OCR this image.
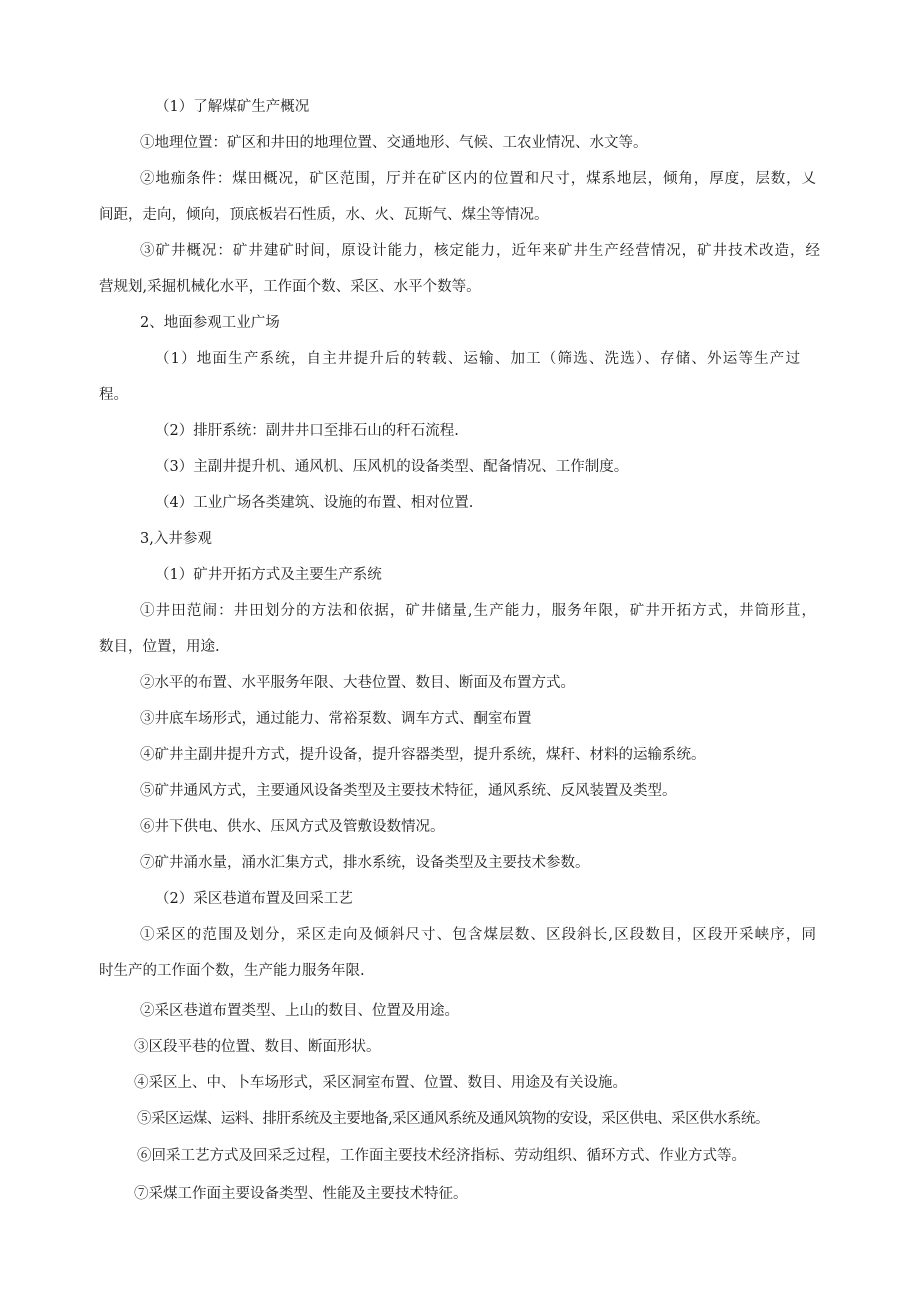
（1）了解煤矿生产概况
①地理位置：矿区和井田的地理位置、交通地形、气候、工农业情况、水文等。
②地痂条件：煤田概况，矿区范围，厅并在矿区内的位置和尺寸，煤系地层，倾角，厚度，层数，乂
间距，走向，倾向，顶底板岩石性质，水、火、瓦斯气、煤尘等情况。
③矿井概况：矿井建矿时间，原设计能力，核定能力，近年来矿井生产经营情况，矿井技术改造，经
营规划,采掘机械化水平，工作面个数、采区、水平个数等。
2、地面参观工业广场
（1）地面生产系统，自主井提升后的转载、运输、加工（筛选、洗选）、存储、外运等生产过
程。
（2）排肝系统：副井井口至排石山的秆石流程.
（3）主副井提升机、通风机、压风机的设备类型、配备情况、工作制度。
（4）工业广场各类建筑、设施的布置、相对位置.
3,入井参观
（1）矿井开拓方式及主要生产系统
①井田范闹：井田划分的方法和依据，矿井储量,生产能力，服务年限，矿井开拓方式，井筒形苴，
数目，位置，用途.
②水平的布置、水平服务年限、大巷位置、数目、断面及布置方式。
③井底车场形式，通过能力、常裕泵数、调车方式、酮室布置
④矿井主副井提升方式，提升设备，提升容器类型，提升系统，煤秆、材料的运输系统。
⑤矿井通风方式，主要通风设备类型及主要技术特征，通风系统、反风装置及类型。
⑥井下供电、供水、压风方式及管敷设数情况。
⑦矿井涌水量，涌水汇集方式，排水系统，设备类型及主要技术参数。
（2）采区巷道布置及回采工艺
①采区的范围及划分，采区走向及倾斜尺寸、包含煤层数、区段斜长,区段数目，区段开采峡序，同
时生产的工作面个数，生产能力服务年限.
②采区巷道布置类型、上山的数目、位置及用途。
③区段平巷的位置、数目、断面形状。
④采区上、中、卜车场形式，采区洞室布置、位置、数目、用途及有关设施。
⑤采区运煤、运料、排肝系统及主要地备,采区通风系统及通风筑物的安设，采区供电、采区供水系统。
⑥回采工艺方式及回采乏过程，工作面主要技术经济指标、劳动组织、循环方式、作业方式等。
⑦采煤工作面主要设备类型、性能及主要技术特征。
